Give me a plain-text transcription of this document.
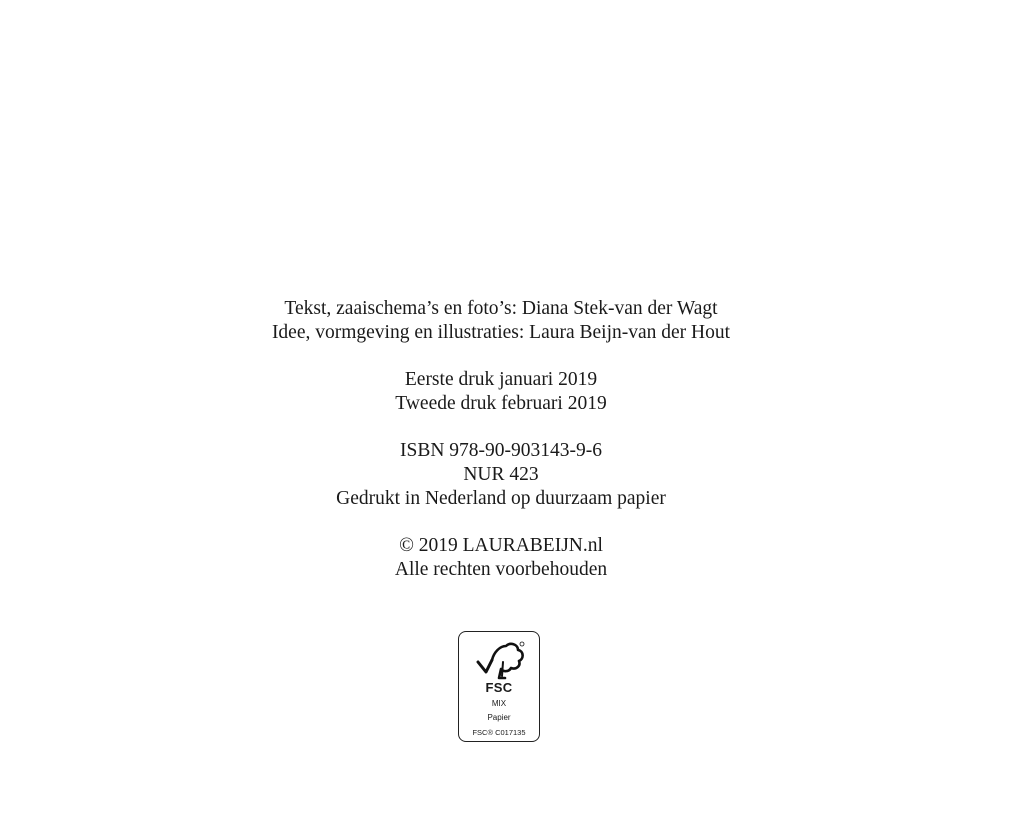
Tekst, zaaischema’s en foto’s: Diana Stek-van der Wagt
Idee, vormgeving en illustraties: Laura Beijn-van der Hout
Eerste druk januari 2019
Tweede druk februari 2019
ISBN 978-90-903143-9-6
NUR 423
Gedrukt in Nederland op duurzaam papier
© 2019 LAURABEIJN.nl
Alle rechten voorbehouden
FSC
MIX
Papier
FSC® C017135
